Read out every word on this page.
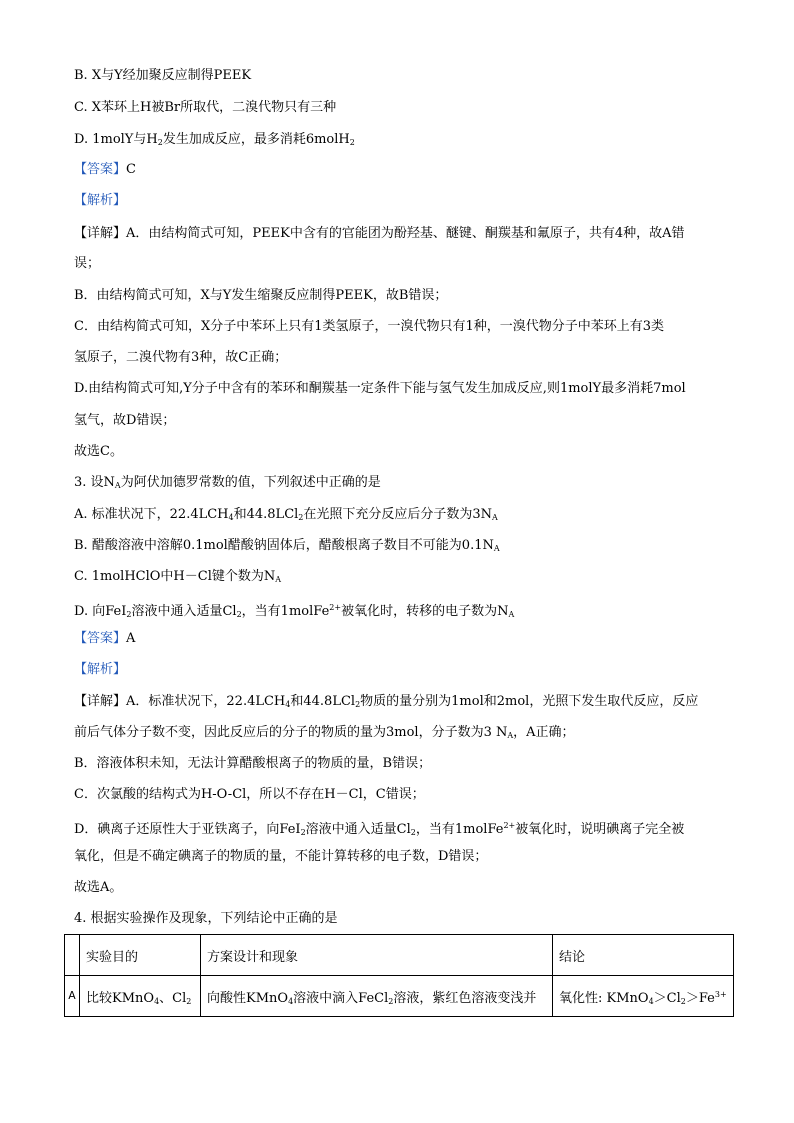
B. X与Y经加聚反应制得PEEK
C. X苯环上H被Br所取代，二溴代物只有三种
D. 1molY与$H_2$发生加成反应，最多消耗6molH$_2$
【答案】C
【解析】
【详解】A．由结构简式可知，PEEK中含有的官能团为酚羟基、醚键、酮羰基和氟原子，共有4种，故A错
误；
B．由结构简式可知，X与Y发生缩聚反应制得PEEK，故B错误；
C．由结构简式可知，X分子中苯环上只有1类氢原子，一溴代物只有1种，一溴代物分子中苯环上有3类
氢原子，二溴代物有3种，故C正确；
D.由结构简式可知,Y分子中含有的苯环和酮羰基一定条件下能与氢气发生加成反应,则1molY最多消耗7mol
氢气，故D错误；
故选C。
3. 设$N_A$为阿伏加德罗常数的值，下列叙述中正确的是
A. 标准状况下，$22.4LCH_4$和44.8LCl$_2$在光照下充分反应后分子数为$3N_A$
B. 醋酸溶液中溶解0.1mol醋酸钠固体后，醋酸根离子数目不可能为$0.1N_A$
C. 1molHClO中H－Cl键个数为$N_A$
D. 向FeI$_2$溶液中通入适量$Cl_2$，当有1molFe$^{2+}$被氧化时，转移的电子数为$N_A$
【答案】A
【解析】
【详解】A．标准状况下，$22.4LCH_4$和44.8LCl$_2$物质的量分别为1mol和2mol，光照下发生取代反应，反应
前后气体分子数不变，因此反应后的分子的物质的量为3mol，分子数为3 $N_A$，A正确；
B．溶液体积未知，无法计算醋酸根离子的物质的量，B错误；
C．次氯酸的结构式为H-O-Cl，所以不存在H－Cl，C错误；
D．碘离子还原性大于亚铁离子，向FeI$_2$溶液中通入适量$Cl_2$，当有1molFe$^{2+}$被氧化时，说明碘离子完全被
氧化，但是不确定碘离子的物质的量，不能计算转移的电子数，D错误；
故选A。
4. 根据实验操作及现象，下列结论中正确的是
	实验目的	方案设计和现象	结论
A	比较KMnO$_4$、$Cl_2$	向酸性KMnO$_4$溶液中滴入FeCl$_2$溶液，紫红色溶液变浅并	氧化性: $KMnO_4>Cl_2>Fe^{3+}$
